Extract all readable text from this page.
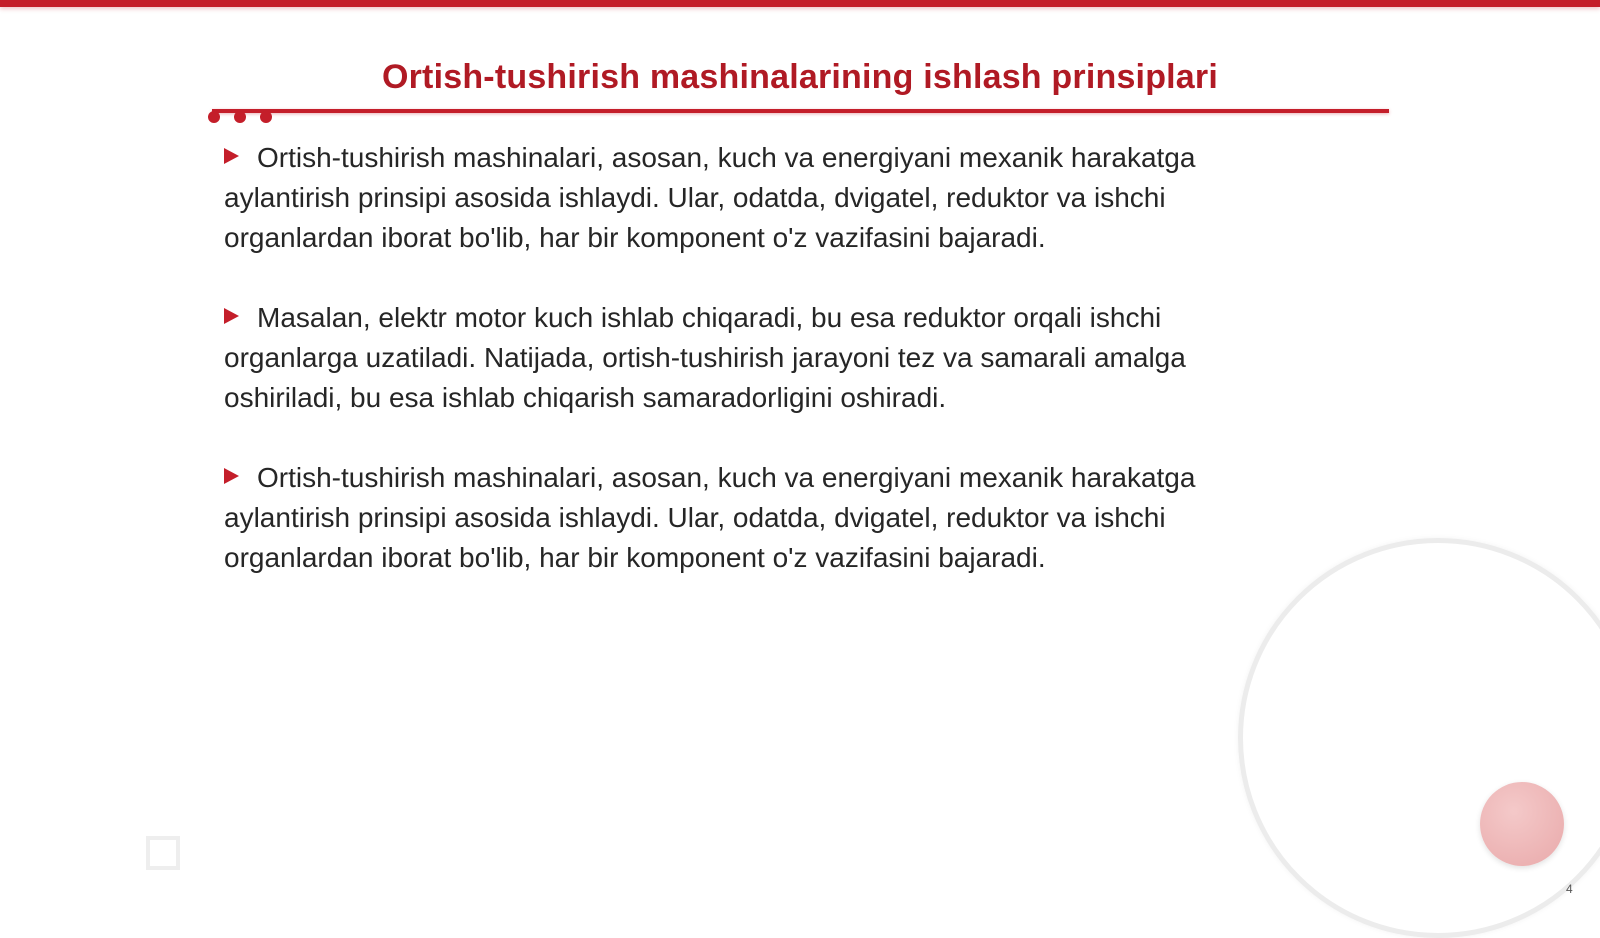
Ortish-tushirish mashinalarining ishlash prinsiplari

Ortish-tushirish mashinalari, asosan, kuch va energiyani mexanik harakatga aylantirish prinsipi asosida ishlaydi. Ular, odatda, dvigatel, reduktor va ishchi organlardan iborat bo'lib, har bir komponent o'z vazifasini bajaradi.

Masalan, elektr motor kuch ishlab chiqaradi, bu esa reduktor orqali ishchi organlarga uzatiladi. Natijada, ortish-tushirish jarayoni tez va samarali amalga oshiriladi, bu esa ishlab chiqarish samaradorligini oshiradi.

Ortish-tushirish mashinalari, asosan, kuch va energiyani mexanik harakatga aylantirish prinsipi asosida ishlaydi. Ular, odatda, dvigatel, reduktor va ishchi organlardan iborat bo'lib, har bir komponent o'z vazifasini bajaradi.

4
